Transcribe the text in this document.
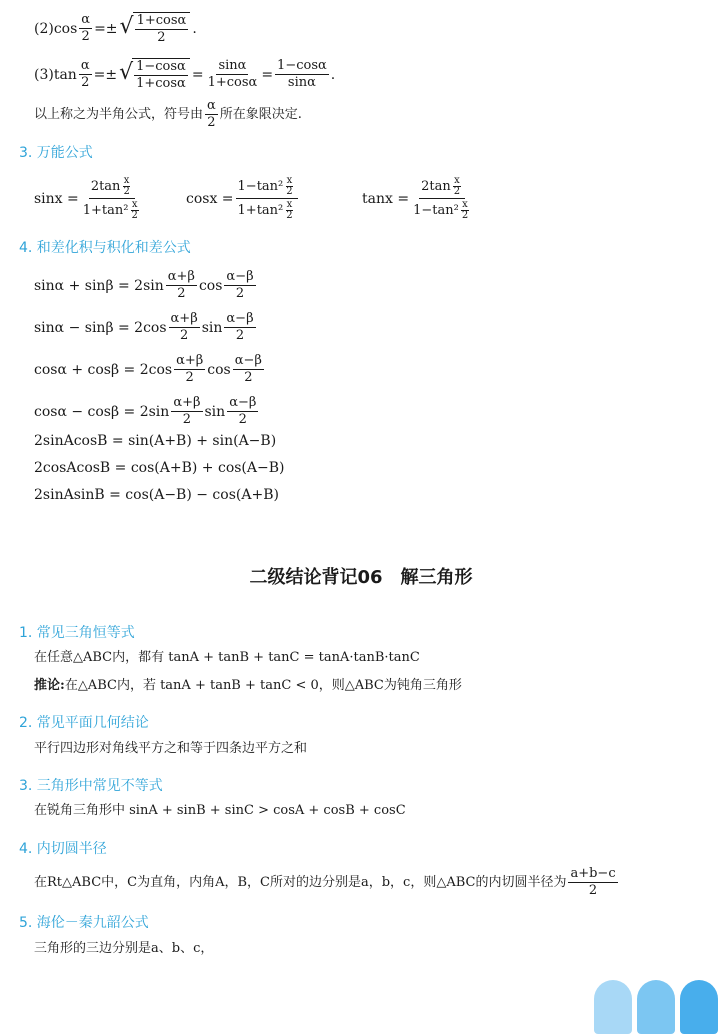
$(2)\cos \frac{\alpha}{2}$ =± √ $\frac{1+\cos\alpha}{2}$ .
$(3)\tan \frac{\alpha}{2}$ =± √ $\frac{1-\cos\alpha}{1+\cos\alpha} = \frac{\sin\alpha}{1+\cos\alpha} = \frac{1-\cos\alpha}{\sin\alpha}$ .
以上称之为半角公式，符号由 $\frac{\alpha}{2}$ 所在象限决定.
3. 万能公式
$\sin x = \frac{2\tan \frac{x}{2}}{1+\tan^2 \frac{x}{2}}$	$\cos x = \frac{1-\tan^2 \frac{x}{2}}{1+\tan^2 \frac{x}{2}}$	$\tan x = \frac{2\tan \frac{x}{2}}{1-\tan^2 \frac{x}{2}}$
4. 和差化积与积化和差公式
$\sin\alpha + \sin\beta = 2\sin \frac{\alpha+\beta}{2}$ $\cos \frac{\alpha-\beta}{2}$
$\sin\alpha - \sin\beta = 2\cos \frac{\alpha+\beta}{2}$ $\sin \frac{\alpha-\beta}{2}$
$\cos\alpha + \cos\beta = 2\cos \frac{\alpha+\beta}{2}$ $\cos \frac{\alpha-\beta}{2}$
$\cos\alpha - \cos\beta = 2\sin \frac{\alpha+\beta}{2}$ $\sin \frac{\alpha-\beta}{2}$
2sinAcosB = sin(A+B) + sin(A−B)
2cosAcosB = cos(A+B) + cos(A−B)
2sinAsinB = cos(A−B) − cos(A+B)
二级结论背记06　解三角形
1. 常见三角恒等式
在任意△ABC内，都有 tanA + tanB + tanC = tanA·tanB·tanC
推论: 在△ABC内，若 tanA + tanB + tanC < 0，则△ABC为钝角三角形
2. 常见平面几何结论
平行四边形对角线平方之和等于四条边平方之和
3. 三角形中常见不等式
在锐角三角形中 sinA + sinB + sinC > cosA + cosB + cosC
4. 内切圆半径
在Rt△ABC中，C为直角，内角A，B，C所对的边分别是a，b，c，则△ABC的内切圆半径为 $\frac{a+b-c}{2}$
5. 海伦－秦九韶公式
三角形的三边分别是a、b、c，
